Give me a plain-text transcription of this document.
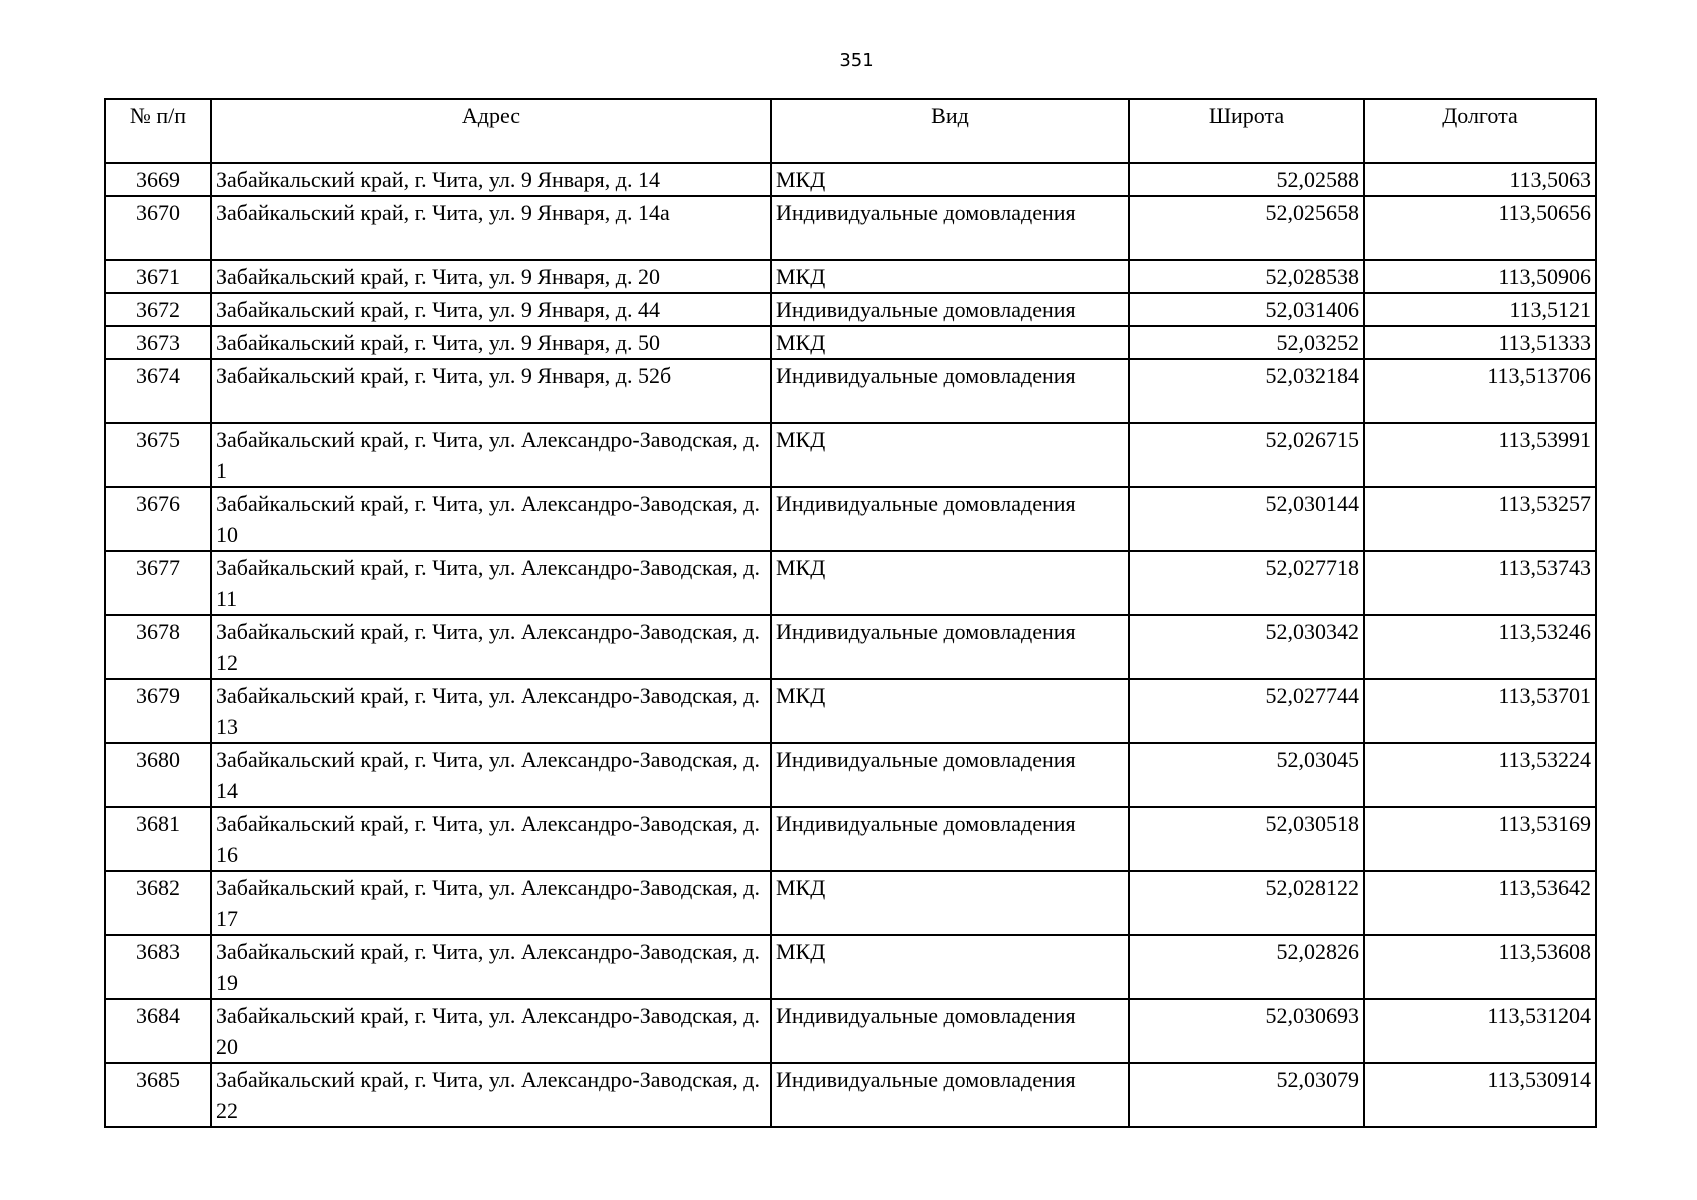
351
№ п/п	Адрес	Вид	Широта	Долгота
3669	Забайкальский край, г. Чита, ул. 9 Января, д. 14	МКД	52,02588	113,5063
3670	Забайкальский край, г. Чита, ул. 9 Января, д. 14а	Индивидуальные домовладения	52,025658	113,50656
3671	Забайкальский край, г. Чита, ул. 9 Января, д. 20	МКД	52,028538	113,50906
3672	Забайкальский край, г. Чита, ул. 9 Января, д. 44	Индивидуальные домовладения	52,031406	113,5121
3673	Забайкальский край, г. Чита, ул. 9 Января, д. 50	МКД	52,03252	113,51333
3674	Забайкальский край, г. Чита, ул. 9 Января, д. 52б	Индивидуальные домовладения	52,032184	113,513706
3675	Забайкальский край, г. Чита, ул. Александро-Заводская, д. 1	МКД	52,026715	113,53991
3676	Забайкальский край, г. Чита, ул. Александро-Заводская, д. 10	Индивидуальные домовладения	52,030144	113,53257
3677	Забайкальский край, г. Чита, ул. Александро-Заводская, д. 11	МКД	52,027718	113,53743
3678	Забайкальский край, г. Чита, ул. Александро-Заводская, д. 12	Индивидуальные домовладения	52,030342	113,53246
3679	Забайкальский край, г. Чита, ул. Александро-Заводская, д. 13	МКД	52,027744	113,53701
3680	Забайкальский край, г. Чита, ул. Александро-Заводская, д. 14	Индивидуальные домовладения	52,03045	113,53224
3681	Забайкальский край, г. Чита, ул. Александро-Заводская, д. 16	Индивидуальные домовладения	52,030518	113,53169
3682	Забайкальский край, г. Чита, ул. Александро-Заводская, д. 17	МКД	52,028122	113,53642
3683	Забайкальский край, г. Чита, ул. Александро-Заводская, д. 19	МКД	52,02826	113,53608
3684	Забайкальский край, г. Чита, ул. Александро-Заводская, д. 20	Индивидуальные домовладения	52,030693	113,531204
3685	Забайкальский край, г. Чита, ул. Александро-Заводская, д. 22	Индивидуальные домовладения	52,03079	113,530914
